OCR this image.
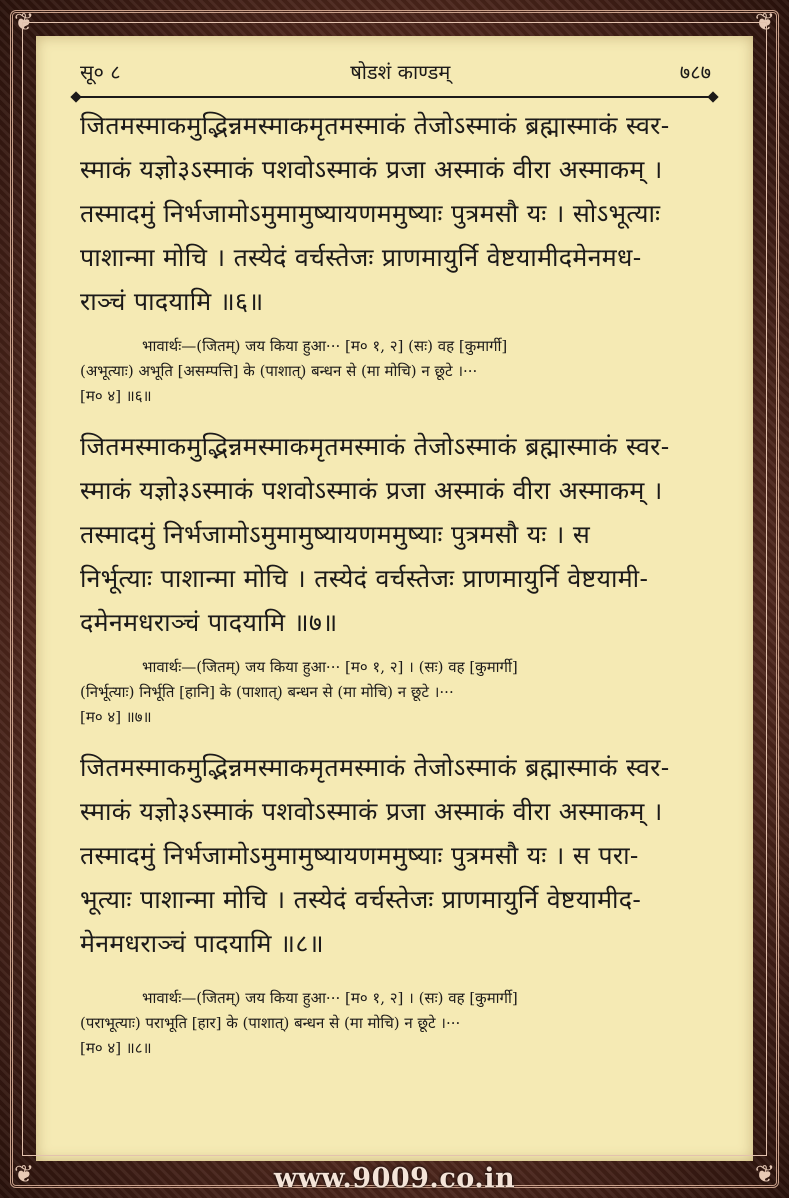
❦	❦
❦	❦
सू० ८	षोडशं काण्डम्	७८७

जितमस्माकमुद्भिन्नमस्माकमृतमस्माकं तेजोऽस्माकं ब्रह्मास्माकं स्वर-

स्माकं यज्ञो३ऽस्माकं पशवोऽस्माकं प्रजा अस्माकं वीरा अस्माकम् ।

तस्मादमुं निर्भजामोऽमुमामुष्यायणममुष्याः पुत्रमसौ यः । सोऽभूत्याः

पाशान्मा मोचि । तस्येदं वर्चस्तेजः प्राणमायुर्नि वेष्टयामीदमेनमध-

राञ्चं पादयामि ॥६॥

भावार्थः—(जितम्) जय किया हुआ··· [म० १, २] (सः) वह [कुमार्गी]

(अभूत्याः) अभूति [असम्पत्ति] के (पाशात्) बन्धन से (मा मोचि) न छूटे ।···

[म० ४] ॥६॥

जितमस्माकमुद्भिन्नमस्माकमृतमस्माकं तेजोऽस्माकं ब्रह्मास्माकं स्वर-

स्माकं यज्ञो३ऽस्माकं पशवोऽस्माकं प्रजा अस्माकं वीरा अस्माकम् ।

तस्मादमुं निर्भजामोऽमुमामुष्यायणममुष्याः पुत्रमसौ यः । स

निर्भूत्याः पाशान्मा मोचि । तस्येदं वर्चस्तेजः प्राणमायुर्नि वेष्टयामी-

दमेनमधराञ्चं पादयामि ॥७॥

भावार्थः—(जितम्) जय किया हुआ··· [म० १, २] । (सः) वह [कुमार्गी]

(निर्भूत्याः) निर्भूति [हानि] के (पाशात्) बन्धन से (मा मोचि) न छूटे ।···

[म० ४] ॥७॥

जितमस्माकमुद्भिन्नमस्माकमृतमस्माकं तेजोऽस्माकं ब्रह्मास्माकं स्वर-

स्माकं यज्ञो३ऽस्माकं पशवोऽस्माकं प्रजा अस्माकं वीरा अस्माकम् ।

तस्मादमुं निर्भजामोऽमुमामुष्यायणममुष्याः पुत्रमसौ यः । स परा-

भूत्याः पाशान्मा मोचि । तस्येदं वर्चस्तेजः प्राणमायुर्नि वेष्टयामीद-

मेनमधराञ्चं पादयामि ॥८॥

भावार्थः—(जितम्) जय किया हुआ··· [म० १, २] । (सः) वह [कुमार्गी]

(पराभूत्याः) पराभूति [हार] के (पाशात्) बन्धन से (मा मोचि) न छूटे ।···

[म० ४] ॥८॥

www.9009.co.in
